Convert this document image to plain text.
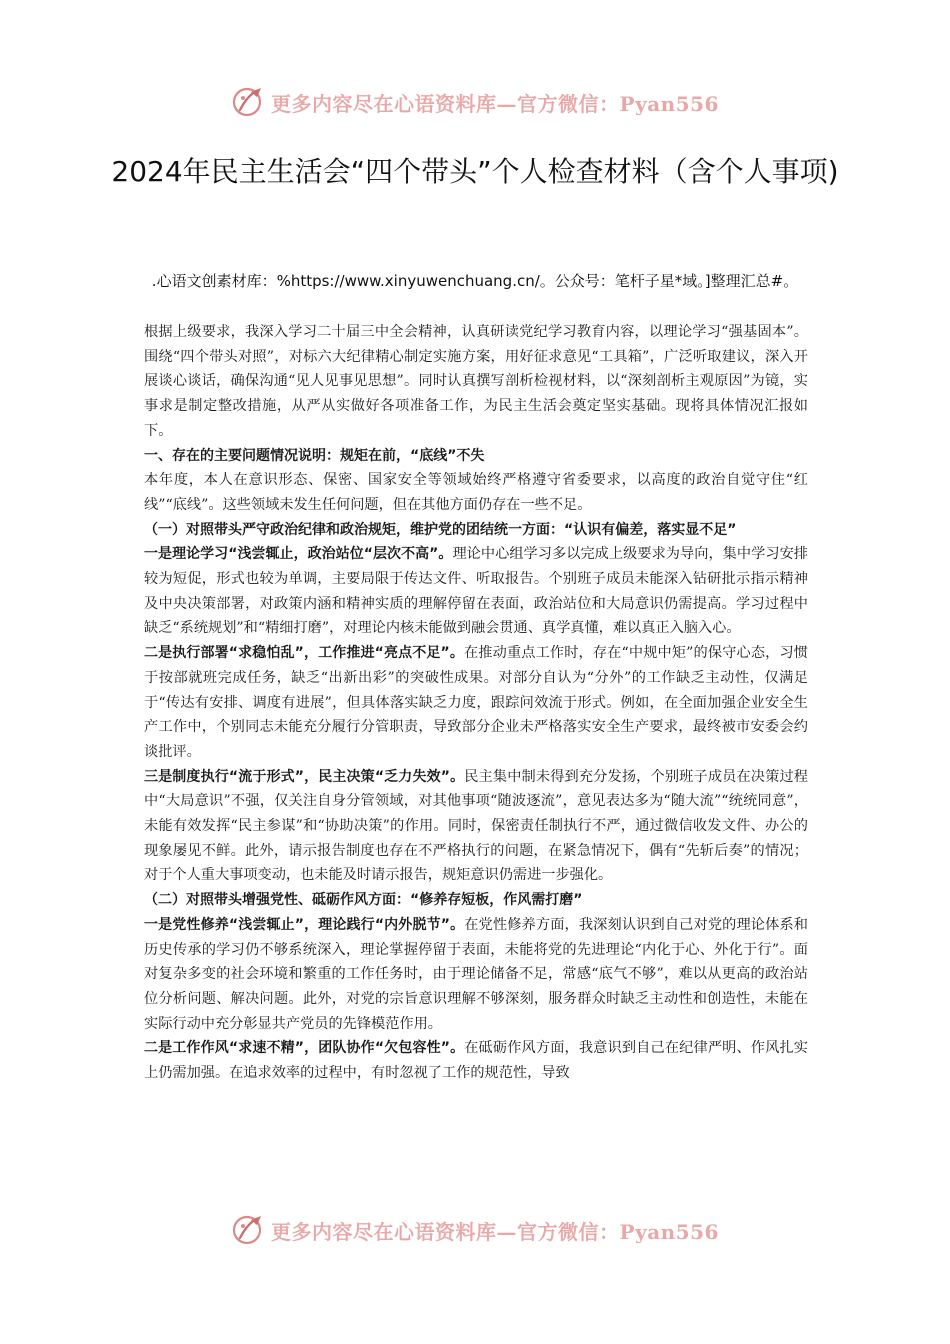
更多内容尽在心语资料库—官方微信：Pyan556
2024年民主生活会“四个带头”个人检查材料（含个人事项)
.心语文创素材库：%https://www.xinyuwenchuang.cn/。公众号：笔杆子星*域。]整理汇总#。

根据上级要求，我深入学习二十届三中全会精神，认真研读党纪学习教育内容，以理论学习“强基固本”。围绕“四个带头对照”，对标六大纪律精心制定实施方案，用好征求意见“工具箱”，广泛听取建议，深入开展谈心谈话，确保沟通“见人见事见思想”。同时认真撰写剖析检视材料，以“深刻剖析主观原因”为镜，实事求是制定整改措施，从严从实做好各项准备工作，为民主生活会奠定坚实基础。现将具体情况汇报如下。

一、存在的主要问题情况说明：规矩在前，“底线”不失

本年度，本人在意识形态、保密、国家安全等领域始终严格遵守省委要求，以高度的政治自觉守住“红线”“底线”。这些领域未发生任何问题，但在其他方面仍存在一些不足。

（一）对照带头严守政治纪律和政治规矩，维护党的团结统一方面：“认识有偏差，落实显不足”

一是理论学习“浅尝辄止，政治站位“层次不高”。理论中心组学习多以完成上级要求为导向，集中学习安排较为短促，形式也较为单调，主要局限于传达文件、听取报告。个别班子成员未能深入钻研批示指示精神及中央决策部署，对政策内涵和精神实质的理解停留在表面，政治站位和大局意识仍需提高。学习过程中缺乏“系统规划”和“精细打磨”，对理论内核未能做到融会贯通、真学真懂，难以真正入脑入心。

二是执行部署“求稳怕乱”，工作推进“亮点不足”。在推动重点工作时，存在“中规中矩”的保守心态，习惯于按部就班完成任务，缺乏“出新出彩”的突破性成果。对部分自认为“分外”的工作缺乏主动性，仅满足于“传达有安排、调度有进展”，但具体落实缺乏力度，跟踪问效流于形式。例如，在全面加强企业安全生产工作中，个别同志未能充分履行分管职责，导致部分企业未严格落实安全生产要求，最终被市安委会约谈批评。

三是制度执行“流于形式”，民主决策“乏力失效”。民主集中制未得到充分发扬，个别班子成员在决策过程中“大局意识”不强，仅关注自身分管领域，对其他事项“随波逐流”，意见表达多为“随大流”“统统同意”，未能有效发挥“民主参谋”和“协助决策”的作用。同时，保密责任制执行不严，通过微信收发文件、办公的现象屡见不鲜。此外，请示报告制度也存在不严格执行的问题，在紧急情况下，偶有“先斩后奏”的情况；对于个人重大事项变动，也未能及时请示报告，规矩意识仍需进一步强化。

（二）对照带头增强党性、砥砺作风方面：“修养存短板，作风需打磨”

一是党性修养“浅尝辄止”，理论践行“内外脱节”。在党性修养方面，我深刻认识到自己对党的理论体系和历史传承的学习仍不够系统深入，理论掌握停留于表面，未能将党的先进理论“内化于心、外化于行”。面对复杂多变的社会环境和繁重的工作任务时，由于理论储备不足，常感“底气不够”，难以从更高的政治站位分析问题、解决问题。此外，对党的宗旨意识理解不够深刻，服务群众时缺乏主动性和创造性，未能在实际行动中充分彰显共产党员的先锋模范作用。

二是工作作风“求速不精”，团队协作“欠包容性”。在砥砺作风方面，我意识到自己在纪律严明、作风扎实上仍需加强。在追求效率的过程中，有时忽视了工作的规范性，导致

更多内容尽在心语资料库—官方微信：Pyan556
